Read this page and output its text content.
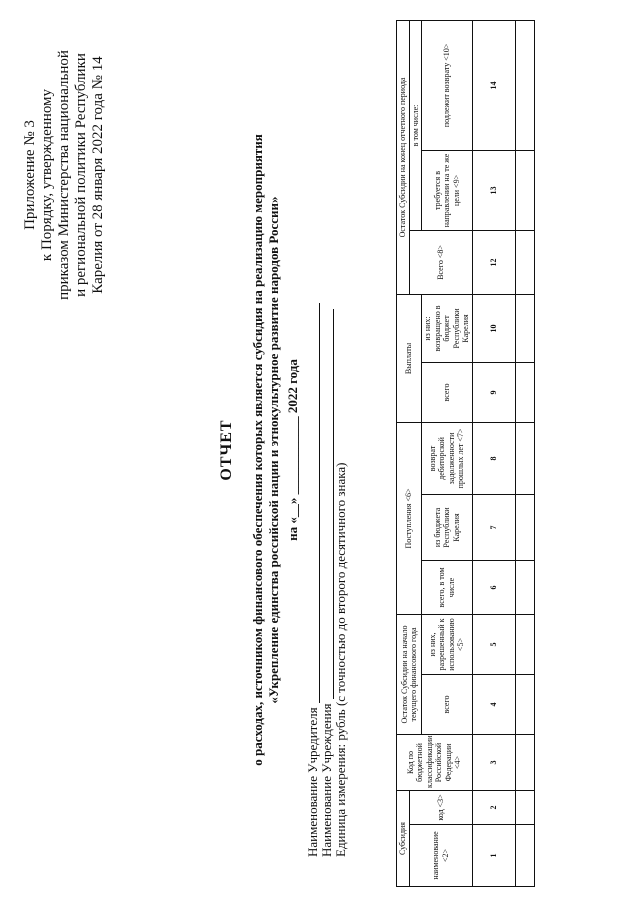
Приложение № 3 к Порядку, утвержденному приказом Министерства национальной и региональной политики Республики Карелия от 28 января 2022 года № 14
ОТЧЕТ о расходах, источником финансового обеспечения которых является субсидия на реализацию мероприятия «Укрепление единства российской нации и этнокультурное развитие народов России» на «__» ____________ 2022 года
Наименование Учредителя Наименование Учреждения Единица измерения: рубль (с точностью до второго десятичного знака)	Субсидия		Код по бюджетной классификации Российской Федерации <4>	Остаток Субсидии на начало текущего финансового года		Поступления <6>			Выплаты		Остаток Субсидии на конец отчетного периода		
наименование <2>	код <3>									Всего <8>	в том числе:	
			всего	из них, разрешенный к использованию <5>	всего, в том числе	из бюджета Республики Карелия	возврат дебиторской задолженности прошлых лет <7>	всего	из них: возвращено в бюджет Республики Карелия		требуется в направлении на те же цели <9>	подлежит возврату <10>
1	2	3	4	5	6	7	8	9	10	12	13	14
